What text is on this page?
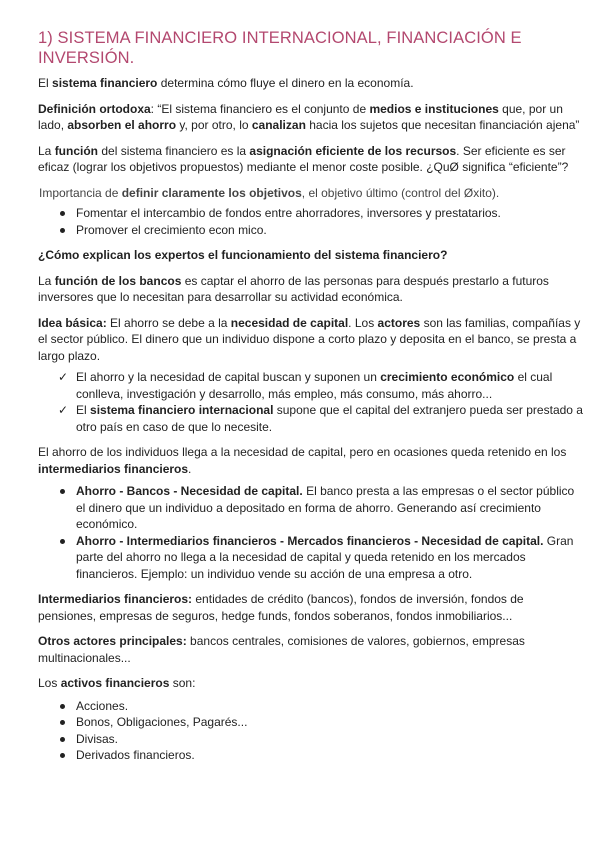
1) SISTEMA FINANCIERO INTERNACIONAL, FINANCIACIÓN E INVERSIÓN.

El sistema financiero determina cómo fluye el dinero en la economía.

Definición ortodoxa: “El sistema financiero es el conjunto de medios e instituciones que, por un lado, absorben el ahorro y, por otro, lo canalizan hacia los sujetos que necesitan financiación ajena”

La función del sistema financiero es la asignación eficiente de los recursos. Ser eficiente es ser eficaz (lograr los objetivos propuestos) mediante el menor coste posible. ¿QuØ significa “eficiente”?

Importancia de definir claramente los objetivos, el objetivo último (control del Øxito).

Fomentar el intercambio de fondos entre ahorradores, inversores y prestatarios.
Promover el crecimiento econ mico.

¿Cómo explican los expertos el funcionamiento del sistema financiero?

La función de los bancos es captar el ahorro de las personas para después prestarlo a futuros inversores que lo necesitan para desarrollar su actividad económica.

Idea básica: El ahorro se debe a la necesidad de capital. Los actores son las familias, compañías y el sector público. El dinero que un individuo dispone a corto plazo y deposita en el banco, se presta a largo plazo.

✓ El ahorro y la necesidad de capital buscan y suponen un crecimiento económico el cual conlleva, investigación y desarrollo, más empleo, más consumo, más ahorro...
✓ El sistema financiero internacional supone que el capital del extranjero pueda ser prestado a otro país en caso de que lo necesite.

El ahorro de los individuos llega a la necesidad de capital, pero en ocasiones queda retenido en los intermediarios financieros.

Ahorro - Bancos - Necesidad de capital. El banco presta a las empresas o el sector público el dinero que un individuo a depositado en forma de ahorro. Generando así crecimiento económico.
Ahorro - Intermediarios financieros - Mercados financieros - Necesidad de capital. Gran parte del ahorro no llega a la necesidad de capital y queda retenido en los mercados financieros. Ejemplo: un individuo vende su acción de una empresa a otro.

Intermediarios financieros: entidades de crédito (bancos), fondos de inversión, fondos de pensiones, empresas de seguros, hedge funds, fondos soberanos, fondos inmobiliarios...

Otros actores principales: bancos centrales, comisiones de valores, gobiernos, empresas multinacionales...

Los activos financieros son:

Acciones.
Bonos, Obligaciones, Pagarés...
Divisas.
Derivados financieros.
